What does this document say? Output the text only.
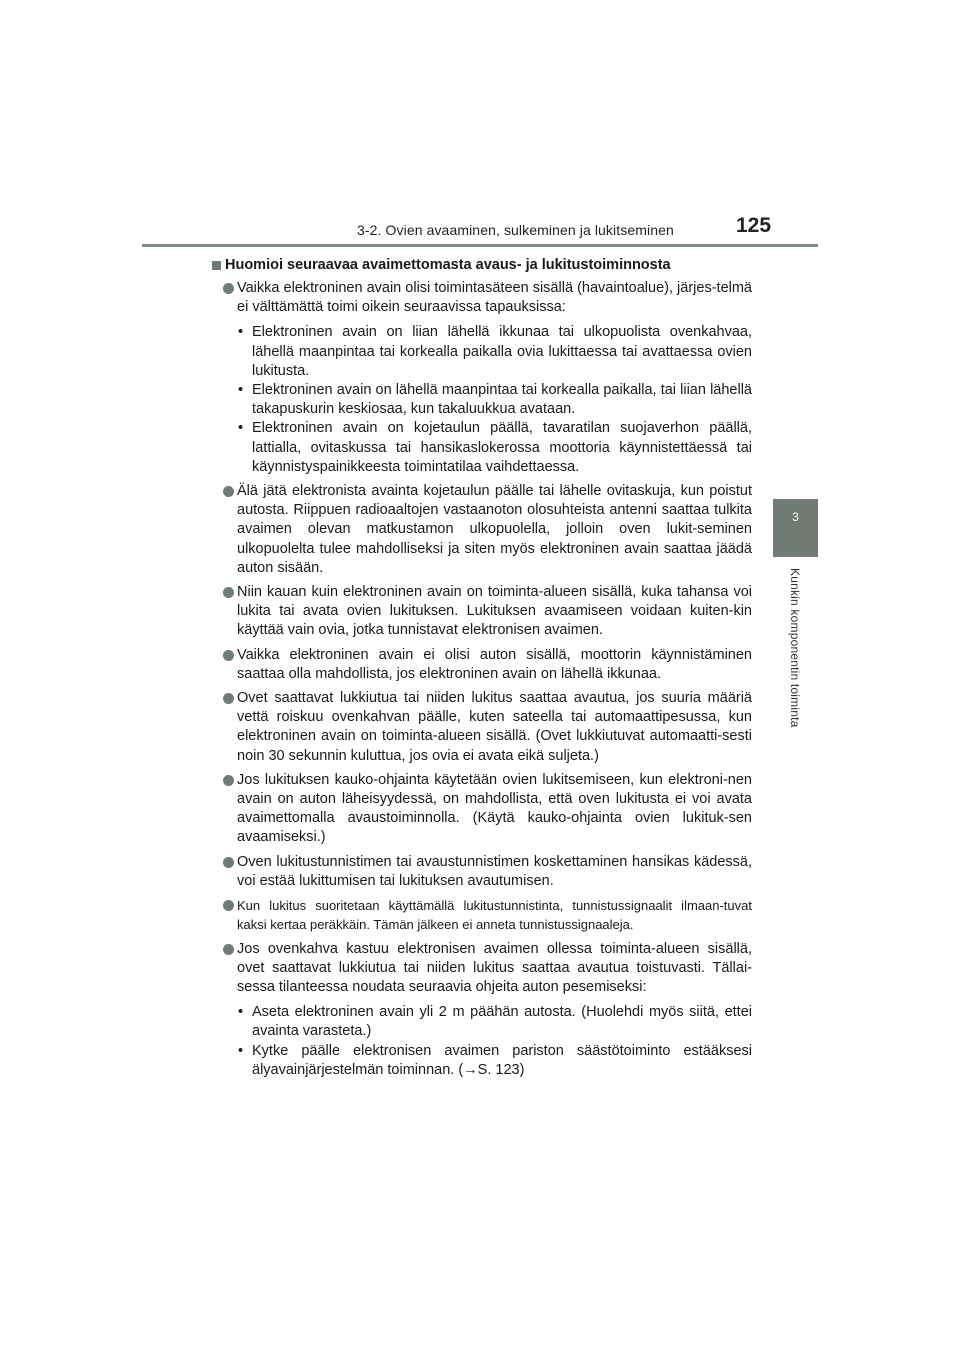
3-2. Ovien avaaminen, sulkeminen ja lukitseminen	125
3
Kunkin komponentin toiminta
Huomioi seuraavaa avaimettomasta avaus- ja lukitustoiminnosta
Vaikka elektroninen avain olisi toimintasäteen sisällä (havaintoalue), järjes-telmä ei välttämättä toimi oikein seuraavissa tapauksissa:
• Elektroninen avain on liian lähellä ikkunaa tai ulkopuolista ovenkahvaa, lähellä maanpintaa tai korkealla paikalla ovia lukittaessa tai avattaessa ovien lukitusta.
• Elektroninen avain on lähellä maanpintaa tai korkealla paikalla, tai liian lähellä takapuskurin keskiosaa, kun takaluukkua avataan.
• Elektroninen avain on kojetaulun päällä, tavaratilan suojaverhon päällä, lattialla, ovitaskussa tai hansikaslokerossa moottoria käynnistettäessä tai käynnistyspainikkeesta toimintatilaa vaihdettaessa.
Älä jätä elektronista avainta kojetaulun päälle tai lähelle ovitaskuja, kun poistut autosta. Riippuen radioaaltojen vastaanoton olosuhteista antenni saattaa tulkita avaimen olevan matkustamon ulkopuolella, jolloin oven lukit-seminen ulkopuolelta tulee mahdolliseksi ja siten myös elektroninen avain saattaa jäädä auton sisään.
Niin kauan kuin elektroninen avain on toiminta-alueen sisällä, kuka tahansa voi lukita tai avata ovien lukituksen. Lukituksen avaamiseen voidaan kuiten-kin käyttää vain ovia, jotka tunnistavat elektronisen avaimen.
Vaikka elektroninen avain ei olisi auton sisällä, moottorin käynnistäminen saattaa olla mahdollista, jos elektroninen avain on lähellä ikkunaa.
Ovet saattavat lukkiutua tai niiden lukitus saattaa avautua, jos suuria määriä vettä roiskuu ovenkahvan päälle, kuten sateella tai automaattipesussa, kun elektroninen avain on toiminta-alueen sisällä. (Ovet lukkiutuvat automaatti-sesti noin 30 sekunnin kuluttua, jos ovia ei avata eikä suljeta.)
Jos lukituksen kauko-ohjainta käytetään ovien lukitsemiseen, kun elektroni-nen avain on auton läheisyydessä, on mahdollista, että oven lukitusta ei voi avata avaimettomalla avaustoiminnolla. (Käytä kauko-ohjainta ovien lukituk-sen avaamiseksi.)
Oven lukitustunnistimen tai avaustunnistimen koskettaminen hansikas kädessä, voi estää lukittumisen tai lukituksen avautumisen.
Kun lukitus suoritetaan käyttämällä lukitustunnistinta, tunnistussignaalit ilmaan-tuvat kaksi kertaa peräkkäin. Tämän jälkeen ei anneta tunnistussignaaleja.
Jos ovenkahva kastuu elektronisen avaimen ollessa toiminta-alueen sisällä, ovet saattavat lukkiutua tai niiden lukitus saattaa avautua toistuvasti. Tällai-sessa tilanteessa noudata seuraavia ohjeita auton pesemiseksi:
• Aseta elektroninen avain yli 2 m päähän autosta. (Huolehdi myös siitä, ettei avainta varasteta.)
• Kytke päälle elektronisen avaimen pariston säästötoiminto estääksesi älyavainjärjestelmän toiminnan. (→S. 123)
